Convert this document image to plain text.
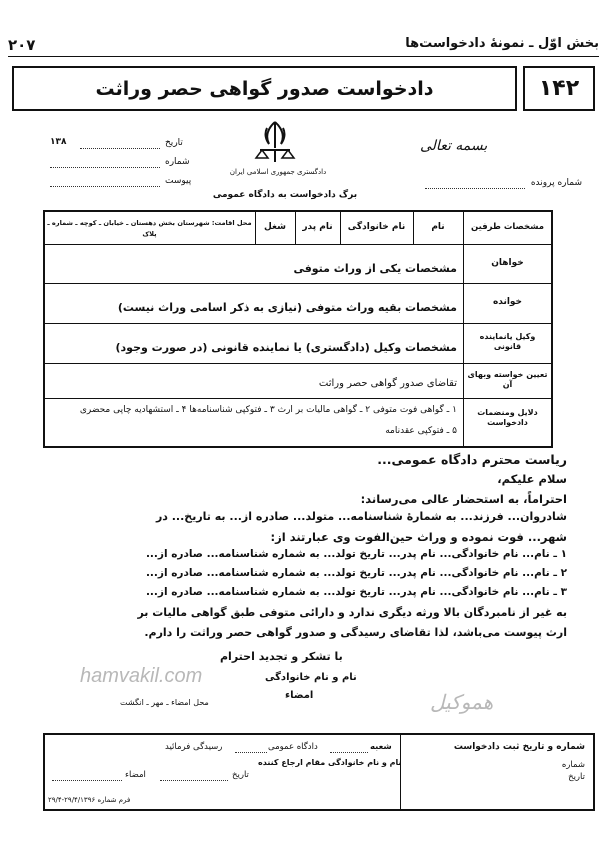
۲۰۷	بخش اوّل ـ نمونهٔ دادخواست‌ها
دادخواست صدور گواهی حصر وراثت	۱۴۲
بسمه تعالی
شماره پرونده
دادگستری جمهوری اسلامی ایران
برگ دادخواست به دادگاه عمومی
تاریخ
۱۳۸
شماره
پیوست
مشخصات طرفین
نام
نام خانوادگی
نام پدر
شغل
محل اقامت: شهرستان بخش دهستان ـ خیابان ـ کوچه ـ شماره ـ پلاک
خواهان
خوانده
وکیل یانماینده قانونی
تعیین خواسته وبهای آن
دلایل ومنضمات دادخواست
مشخصات یکی از وراث متوفی
مشخصات بقیه وراث متوفی (نیازی به ذکر اسامی وراث نیست)
مشخصات وکیل (دادگستری) یا نماینده قانونی (در صورت وجود)
تقاضای صدور گواهی حصر وراثت
۱ ـ گواهی فوت متوفی ۲ ـ گواهی مالیات بر ارث ۳ ـ فتوکپی شناسنامه‌ها ۴ ـ استشهادیه چاپی محضری
۵ ـ فتوکپی عقدنامه
ریاست محترم دادگاه عمومی...
سلام علیکم،
احتراماً، به استحضار عالی می‌رساند:
شادروان... فرزند... به شمارهٔ شناسنامه... متولد... صادره از... به تاریخ... در
شهر... فوت نموده و وراث حین‌الفوت وی عبارتند از:
۱ ـ نام... نام خانوادگی... نام پدر... تاریخ تولد... به شماره شناسنامه... صادره از...
۲ ـ نام... نام خانوادگی... نام پدر... تاریخ تولد... به شماره شناسنامه... صادره از...
۳ ـ نام... نام خانوادگی... نام پدر... تاریخ تولد... به شماره شناسنامه... صادره از...
به غیر از نامبردگان بالا ورثه دیگری ندارد و دارائی متوفی طبق گواهی مالیات بر
ارث پیوست می‌باشد، لذا تقاضای رسیدگی و صدور گواهی حصر وراثت را دارم.
با تشکر و تجدید احترام
نام و نام خانوادگی
امضاء
محل امضاء ـ مهر ـ انگشت
hamvakil.com
هموکیل
شماره و تاریخ ثبت دادخواست
شماره
تاریخ
شعبه
دادگاه عمومی
رسیدگی فرمائید
نام و نام خانوادگی مقام ارجاع کننده
تاریخ
امضاء
فرم شماره ۲۹/۴/۱۳۹۶-۲۹/۴
